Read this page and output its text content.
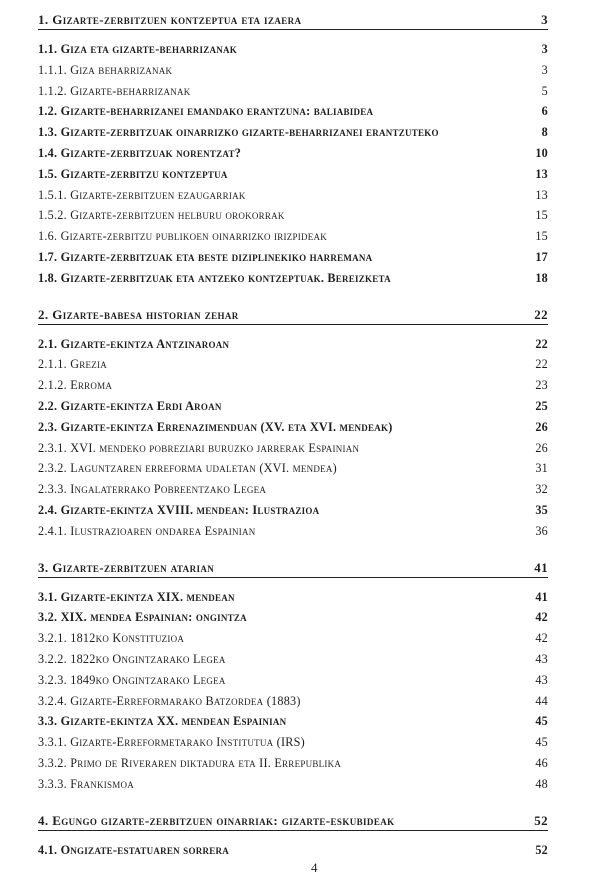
1. Gizarte-zerbitzuen kontzeptua eta izaera	3
1.1. Giza eta gizarte-beharrizanak	3
1.1.1. Giza beharrizanak	3
1.1.2. Gizarte-beharrizanak	5
1.2. Gizarte-beharrizanei emandako erantzuna: baliabidea	6
1.3. Gizarte-zerbitzuak oinarrizko gizarte-beharrizanei erantzuteko	8
1.4. Gizarte-zerbitzuak norentzat?	10
1.5. Gizarte-zerbitzu kontzeptua	13
1.5.1. Gizarte-zerbitzuen ezaugarriak	13
1.5.2. Gizarte-zerbitzuen helburu orokorrak	15
1.6. Gizarte-zerbitzu publikoen oinarrizko irizpideak	15
1.7. Gizarte-zerbitzuak eta beste diziplinekiko harremana	17
1.8. Gizarte-zerbitzuak eta antzeko kontzeptuak. Bereizketa	18
2. Gizarte-babesa historian zehar	22
2.1. Gizarte-ekintza Antzinaroan	22
2.1.1. Grezia	22
2.1.2. Erroma	23
2.2. Gizarte-ekintza Erdi Aroan	25
2.3. Gizarte-ekintza Errenazimenduan (XV. eta XVI. mendeak)	26
2.3.1. XVI. mendeko pobreziari buruzko jarrerak Espainian	26
2.3.2. Laguntzaren erreforma udaletan (XVI. mendea)	31
2.3.3. Ingalaterrako Pobreentzako Legea	32
2.4. Gizarte-ekintza XVIII. mendean: Ilustrazioa	35
2.4.1. Ilustrazioaren ondarea Espainian	36
3. Gizarte-zerbitzuen atarian	41
3.1. Gizarte-ekintza XIX. mendean	41
3.2. XIX. mendea Espainian: ongintza	42
3.2.1. 1812ko Konstituzioa	42
3.2.2. 1822ko Ongintzarako Legea	43
3.2.3. 1849ko Ongintzarako Legea	43
3.2.4. Gizarte-Erreformarako Batzordea (1883)	44
3.3. Gizarte-ekintza XX. mendean Espainian	45
3.3.1. Gizarte-Erreformetarako Institutua (IRS)	45
3.3.2. Primo de Riveraren diktadura eta II. Errepublika	46
3.3.3. Frankismoa	48
4. Egungo gizarte-zerbitzuen oinarriak: gizarte-eskubideak	52
4.1. Ongizate-estatuaren sorrera	52
4
